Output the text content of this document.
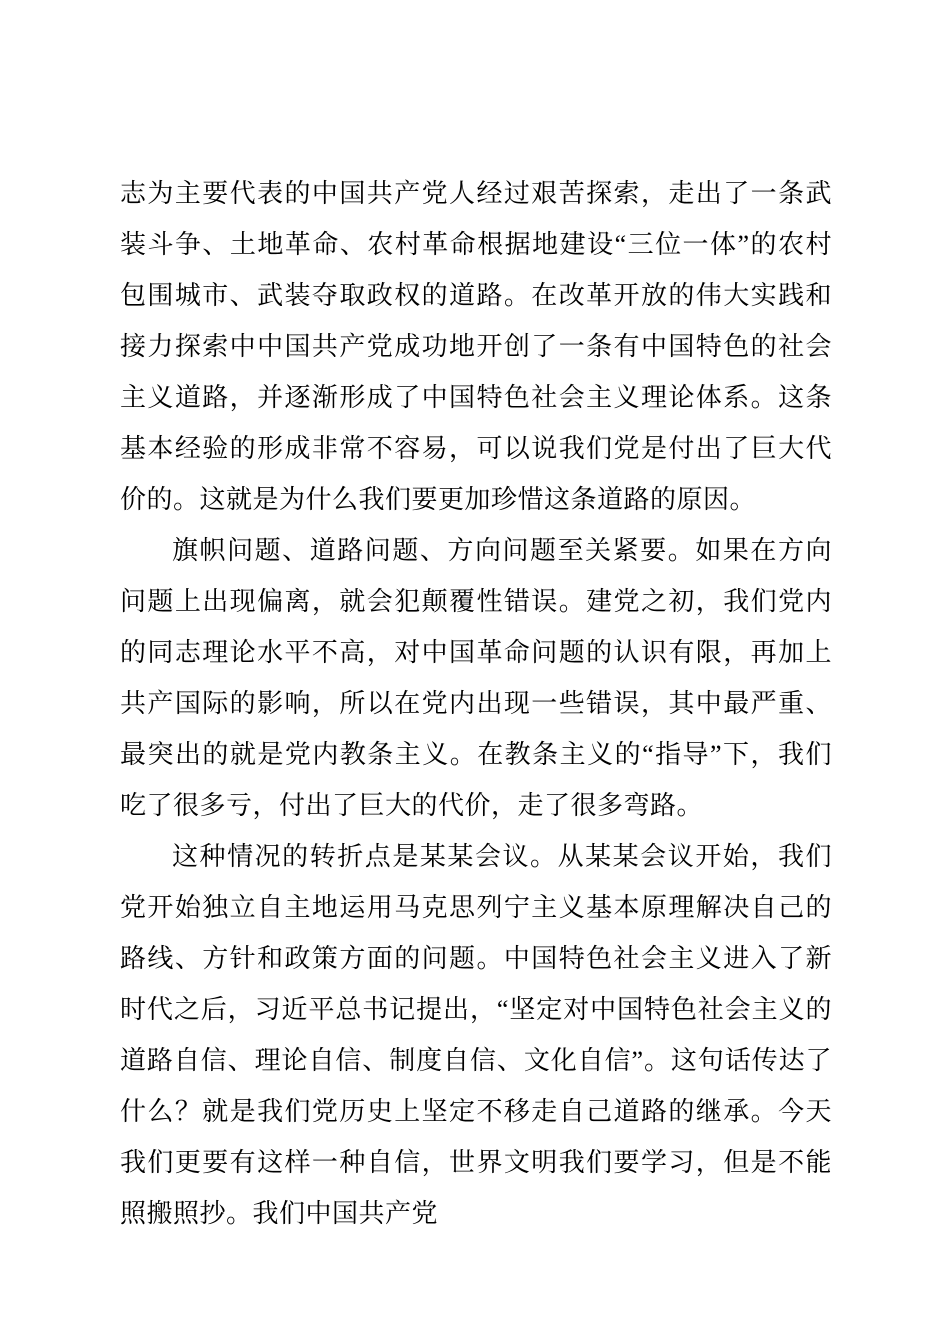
志为主要代表的中国共产党人经过艰苦探索，走出了一条武装斗争、土地革命、农村革命根据地建设“三位一体”的农村包围城市、武装夺取政权的道路。在改革开放的伟大实践和接力探索中中国共产党成功地开创了一条有中国特色的社会主义道路，并逐渐形成了中国特色社会主义理论体系。这条基本经验的形成非常不容易，可以说我们党是付出了巨大代价的。这就是为什么我们要更加珍惜这条道路的原因。

旗帜问题、道路问题、方向问题至关紧要。如果在方向问题上出现偏离，就会犯颠覆性错误。建党之初，我们党内的同志理论水平不高，对中国革命问题的认识有限，再加上共产国际的影响，所以在党内出现一些错误，其中最严重、最突出的就是党内教条主义。在教条主义的“指导”下，我们吃了很多亏，付出了巨大的代价，走了很多弯路。

这种情况的转折点是某某会议。从某某会议开始，我们党开始独立自主地运用马克思列宁主义基本原理解决自己的路线、方针和政策方面的问题。中国特色社会主义进入了新时代之后，习近平总书记提出，“坚定对中国特色社会主义的道路自信、理论自信、制度自信、文化自信”。这句话传达了什么？就是我们党历史上坚定不移走自己道路的继承。今天我们更要有这样一种自信，世界文明我们要学习，但是不能照搬照抄。我们中国共产党
